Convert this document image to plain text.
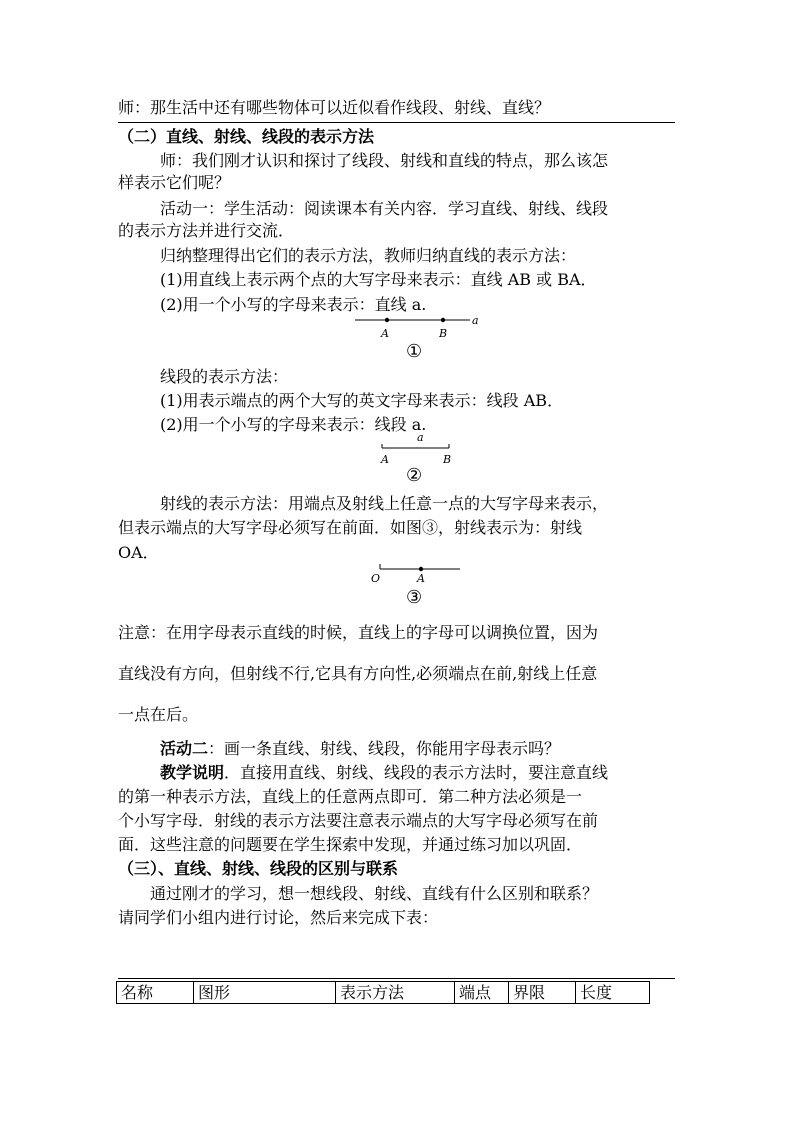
师：那生活中还有哪些物体可以近似看作线段、射线、直线？
（二）直线、射线、线段的表示方法
师：我们刚才认识和探讨了线段、射线和直线的特点，那么该怎
样表示它们呢？
活动一：学生活动：阅读课本有关内容．学习直线、射线、线段
的表示方法并进行交流．
归纳整理得出它们的表示方法，教师归纳直线的表示方法：
(1)用直线上表示两个点的大写字母来表示：直线 AB 或 BA．
(2)用一个小写的字母来表示：直线 a.
A	B
a
①
线段的表示方法：
(1)用表示端点的两个大写的英文字母来表示：线段 AB．
(2)用一个小写的字母来表示：线段 a.
a
A	B
②
射线的表示方法：用端点及射线上任意一点的大写字母来表示，
但表示端点的大写字母必须写在前面．如图③，射线表示为：射线
OA．
O	A
③
注意：在用字母表示直线的时候，直线上的字母可以调换位置，因为
直线没有方向，但射线不行,它具有方向性,必须端点在前,射线上任意
一点在后。
活动二：画一条直线、射线、线段，你能用字母表示吗？
教学说明．直接用直线、射线、线段的表示方法时，要注意直线
的第一种表示方法，直线上的任意两点即可．第二种方法必须是一
个小写字母．射线的表示方法要注意表示端点的大写字母必须写在前
面．这些注意的问题要在学生探索中发现，并通过练习加以巩固．
（三）、直线、射线、线段的区别与联系
通过刚才的学习，想一想线段、射线、直线有什么区别和联系？
请同学们小组内进行讨论，然后来完成下表：
名称	图形	表示方法	端点	界限	长度
